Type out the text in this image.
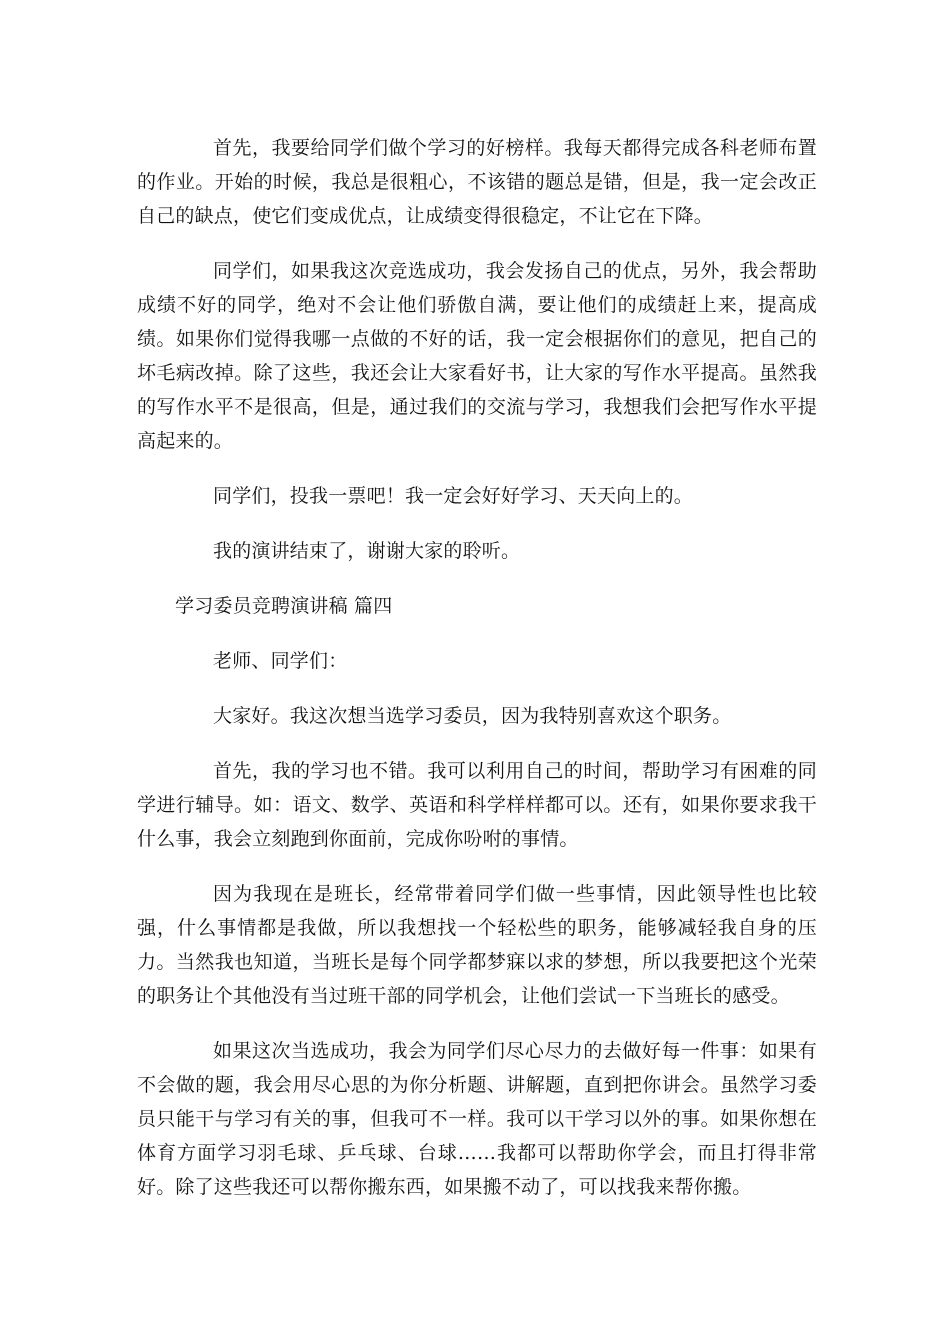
首先，我要给同学们做个学习的好榜样。我每天都得完成各科老师布置的作业。开始的时候，我总是很粗心，不该错的题总是错，但是，我一定会改正自己的缺点，使它们变成优点，让成绩变得很稳定，不让它在下降。

同学们，如果我这次竞选成功，我会发扬自己的优点，另外，我会帮助成绩不好的同学，绝对不会让他们骄傲自满，要让他们的成绩赶上来，提高成绩。如果你们觉得我哪一点做的不好的话，我一定会根据你们的意见，把自己的坏毛病改掉。除了这些，我还会让大家看好书，让大家的写作水平提高。虽然我的写作水平不是很高，但是，通过我们的交流与学习，我想我们会把写作水平提高起来的。

同学们，投我一票吧！我一定会好好学习、天天向上的。

我的演讲结束了，谢谢大家的聆听。

学习委员竞聘演讲稿 篇四

老师、同学们：

大家好。我这次想当选学习委员，因为我特别喜欢这个职务。

首先，我的学习也不错。我可以利用自己的时间，帮助学习有困难的同学进行辅导。如：语文、数学、英语和科学样样都可以。还有，如果你要求我干什么事，我会立刻跑到你面前，完成你吩咐的事情。

因为我现在是班长，经常带着同学们做一些事情，因此领导性也比较强，什么事情都是我做，所以我想找一个轻松些的职务，能够减轻我自身的压力。当然我也知道，当班长是每个同学都梦寐以求的梦想，所以我要把这个光荣的职务让个其他没有当过班干部的同学机会，让他们尝试一下当班长的感受。

如果这次当选成功，我会为同学们尽心尽力的去做好每一件事：如果有不会做的题，我会用尽心思的为你分析题、讲解题，直到把你讲会。虽然学习委员只能干与学习有关的事，但我可不一样。我可以干学习以外的事。如果你想在体育方面学习羽毛球、乒乓球、台球……我都可以帮助你学会，而且打得非常好。除了这些我还可以帮你搬东西，如果搬不动了，可以找我来帮你搬。
